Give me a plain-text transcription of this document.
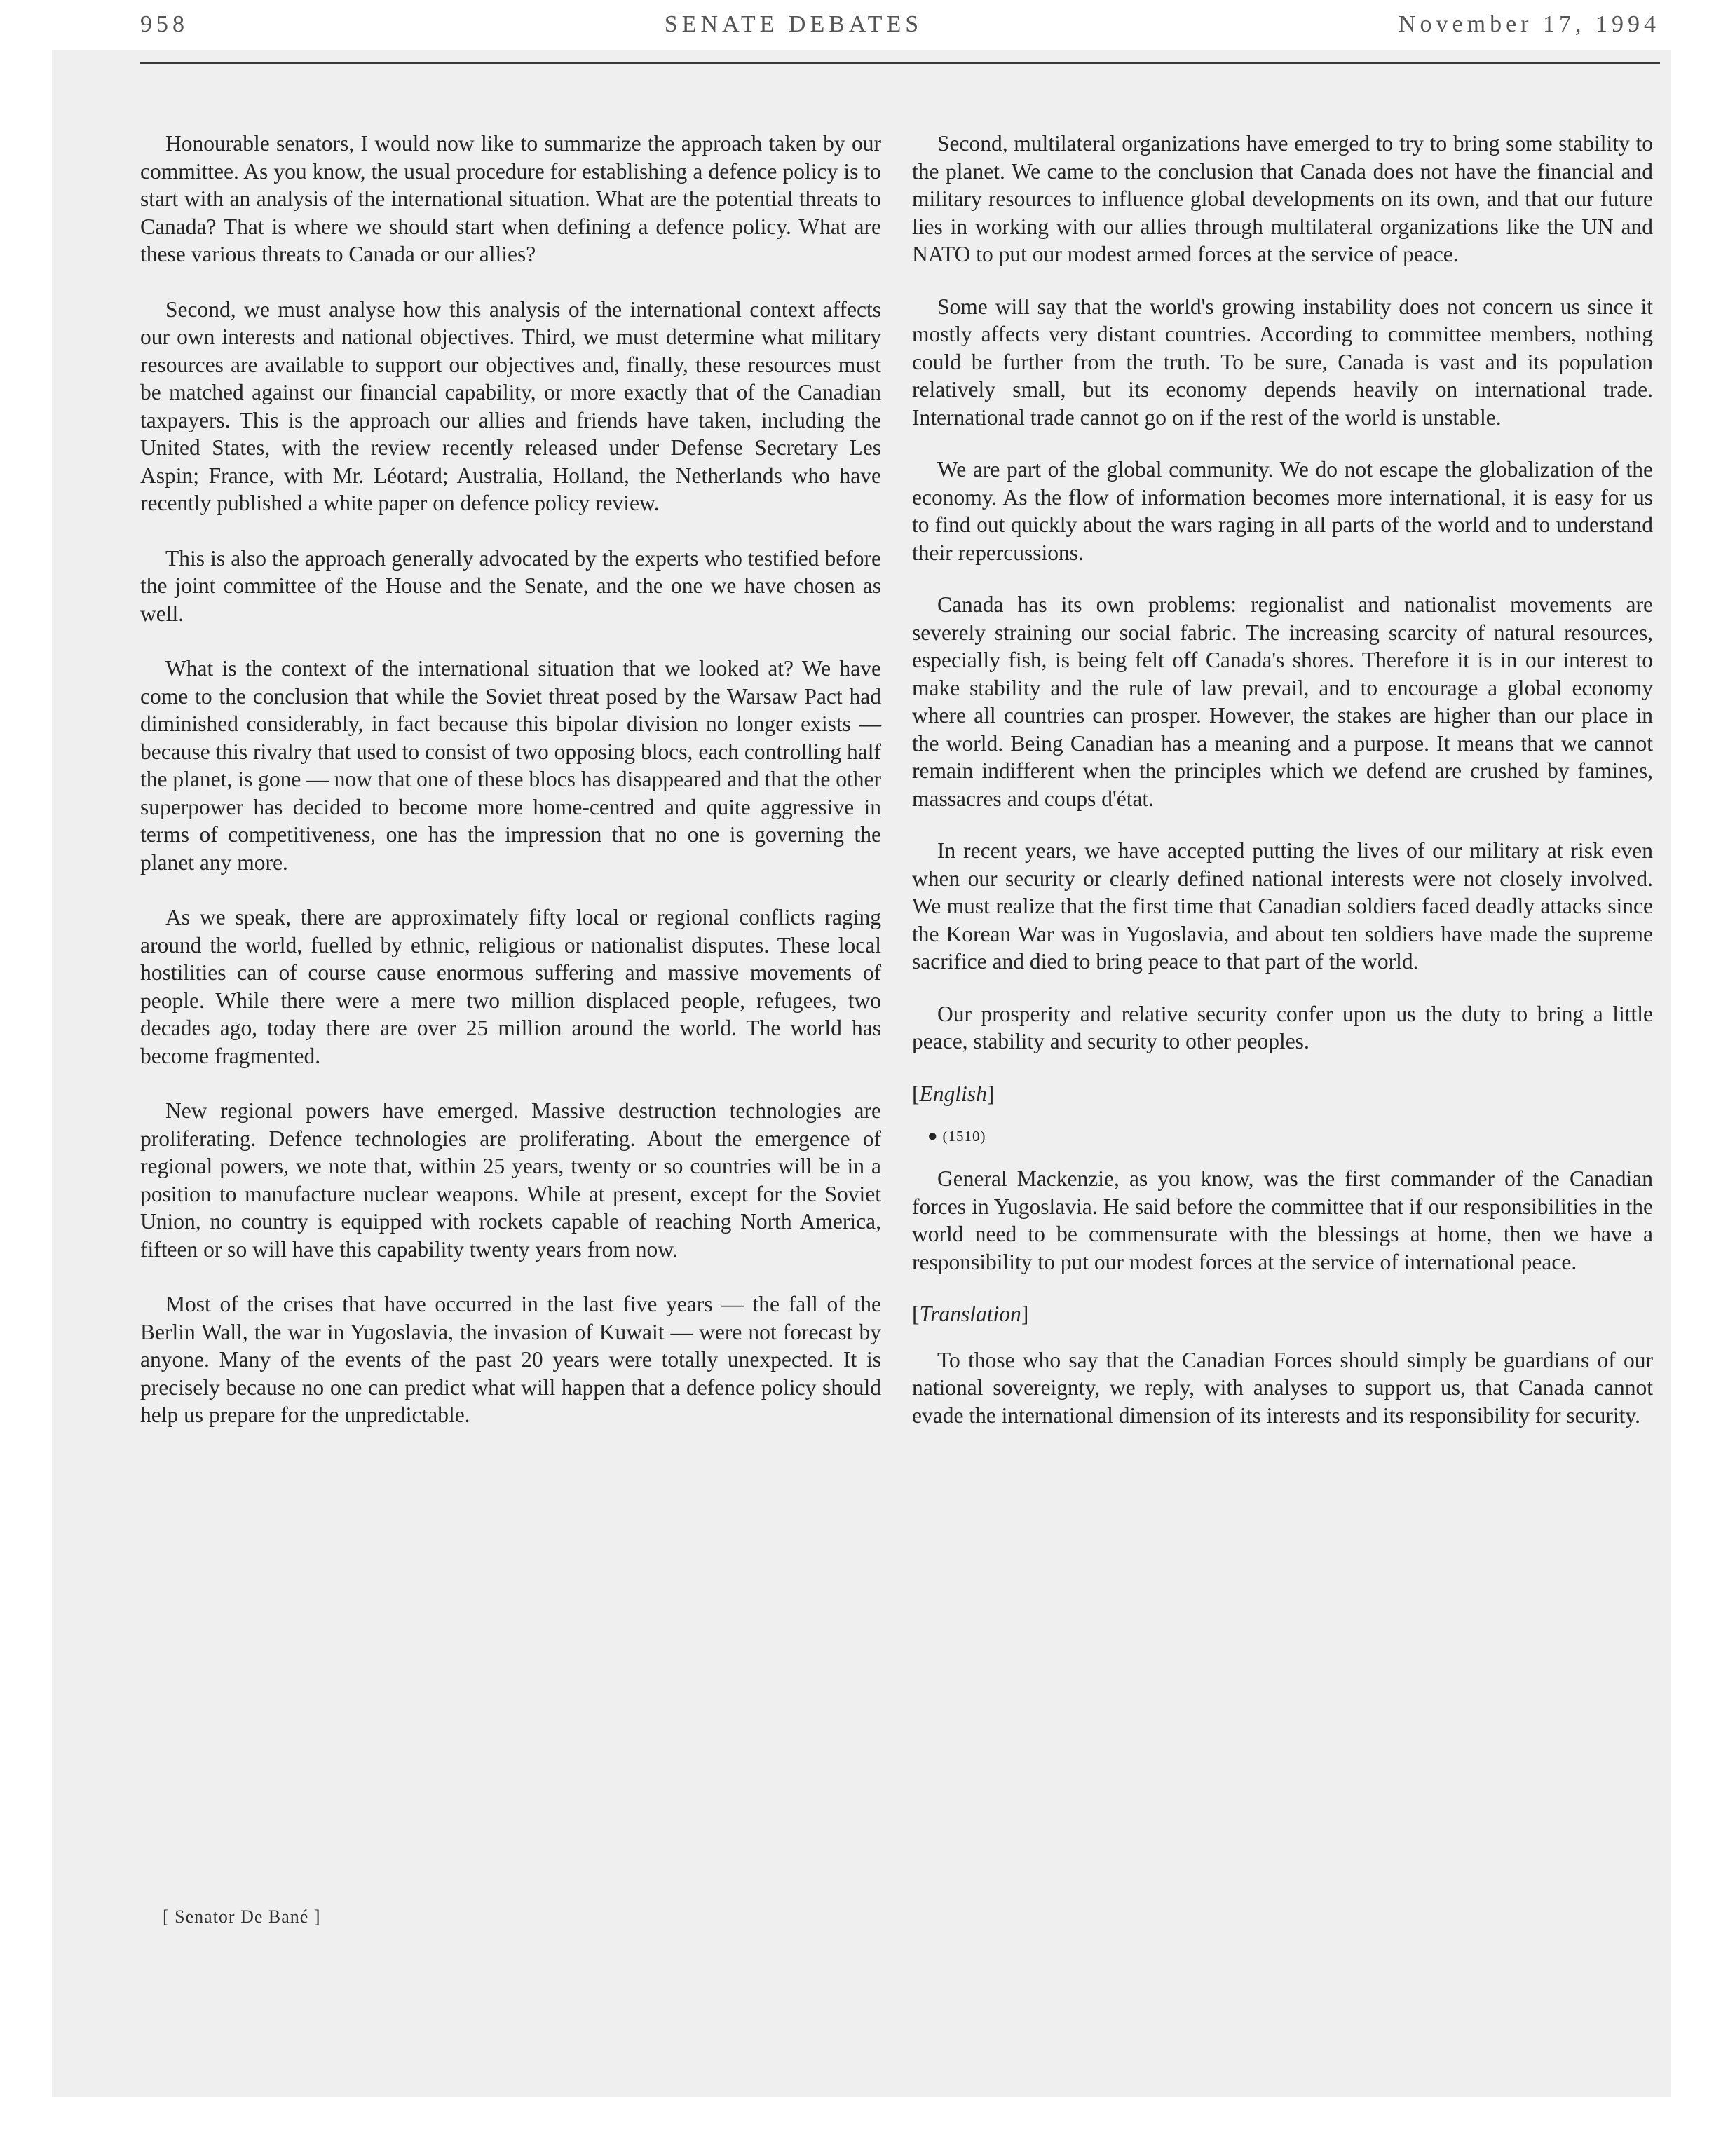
958	SENATE DEBATES	November 17, 1994

Honourable senators, I would now like to summarize the approach taken by our committee. As you know, the usual procedure for establishing a defence policy is to start with an analysis of the international situation. What are the potential threats to Canada? That is where we should start when defining a defence policy. What are these various threats to Canada or our allies?

Second, we must analyse how this analysis of the international context affects our own interests and national objectives. Third, we must determine what military resources are available to support our objectives and, finally, these resources must be matched against our financial capability, or more exactly that of the Canadian taxpayers. This is the approach our allies and friends have taken, including the United States, with the review recently released under Defense Secretary Les Aspin; France, with Mr. Léotard; Australia, Holland, the Netherlands who have recently published a white paper on defence policy review.

This is also the approach generally advocated by the experts who testified before the joint committee of the House and the Senate, and the one we have chosen as well.

What is the context of the international situation that we looked at? We have come to the conclusion that while the Soviet threat posed by the Warsaw Pact had diminished considerably, in fact because this bipolar division no longer exists — because this rivalry that used to consist of two opposing blocs, each controlling half the planet, is gone — now that one of these blocs has disappeared and that the other superpower has decided to become more home-centred and quite aggressive in terms of competitiveness, one has the impression that no one is governing the planet any more.

As we speak, there are approximately fifty local or regional conflicts raging around the world, fuelled by ethnic, religious or nationalist disputes. These local hostilities can of course cause enormous suffering and massive movements of people. While there were a mere two million displaced people, refugees, two decades ago, today there are over 25 million around the world. The world has become fragmented.

New regional powers have emerged. Massive destruction technologies are proliferating. Defence technologies are proliferating. About the emergence of regional powers, we note that, within 25 years, twenty or so countries will be in a position to manufacture nuclear weapons. While at present, except for the Soviet Union, no country is equipped with rockets capable of reaching North America, fifteen or so will have this capability twenty years from now.

Most of the crises that have occurred in the last five years — the fall of the Berlin Wall, the war in Yugoslavia, the invasion of Kuwait — were not forecast by anyone. Many of the events of the past 20 years were totally unexpected. It is precisely because no one can predict what will happen that a defence policy should help us prepare for the unpredictable.

Second, multilateral organizations have emerged to try to bring some stability to the planet. We came to the conclusion that Canada does not have the financial and military resources to influence global developments on its own, and that our future lies in working with our allies through multilateral organizations like the UN and NATO to put our modest armed forces at the service of peace.

Some will say that the world's growing instability does not concern us since it mostly affects very distant countries. According to committee members, nothing could be further from the truth. To be sure, Canada is vast and its population relatively small, but its economy depends heavily on international trade. International trade cannot go on if the rest of the world is unstable.

We are part of the global community. We do not escape the globalization of the economy. As the flow of information becomes more international, it is easy for us to find out quickly about the wars raging in all parts of the world and to understand their repercussions.

Canada has its own problems: regionalist and nationalist movements are severely straining our social fabric. The increasing scarcity of natural resources, especially fish, is being felt off Canada's shores. Therefore it is in our interest to make stability and the rule of law prevail, and to encourage a global economy where all countries can prosper. However, the stakes are higher than our place in the world. Being Canadian has a meaning and a purpose. It means that we cannot remain indifferent when the principles which we defend are crushed by famines, massacres and coups d'état.

In recent years, we have accepted putting the lives of our military at risk even when our security or clearly defined national interests were not closely involved. We must realize that the first time that Canadian soldiers faced deadly attacks since the Korean War was in Yugoslavia, and about ten soldiers have made the supreme sacrifice and died to bring peace to that part of the world.

Our prosperity and relative security confer upon us the duty to bring a little peace, stability and security to other peoples.

[English]

● (1510)

General Mackenzie, as you know, was the first commander of the Canadian forces in Yugoslavia. He said before the committee that if our responsibilities in the world need to be commensurate with the blessings at home, then we have a responsibility to put our modest forces at the service of international peace.

[Translation]

To those who say that the Canadian Forces should simply be guardians of our national sovereignty, we reply, with analyses to support us, that Canada cannot evade the international dimension of its interests and its responsibility for security.

[ Senator De Bané ]
